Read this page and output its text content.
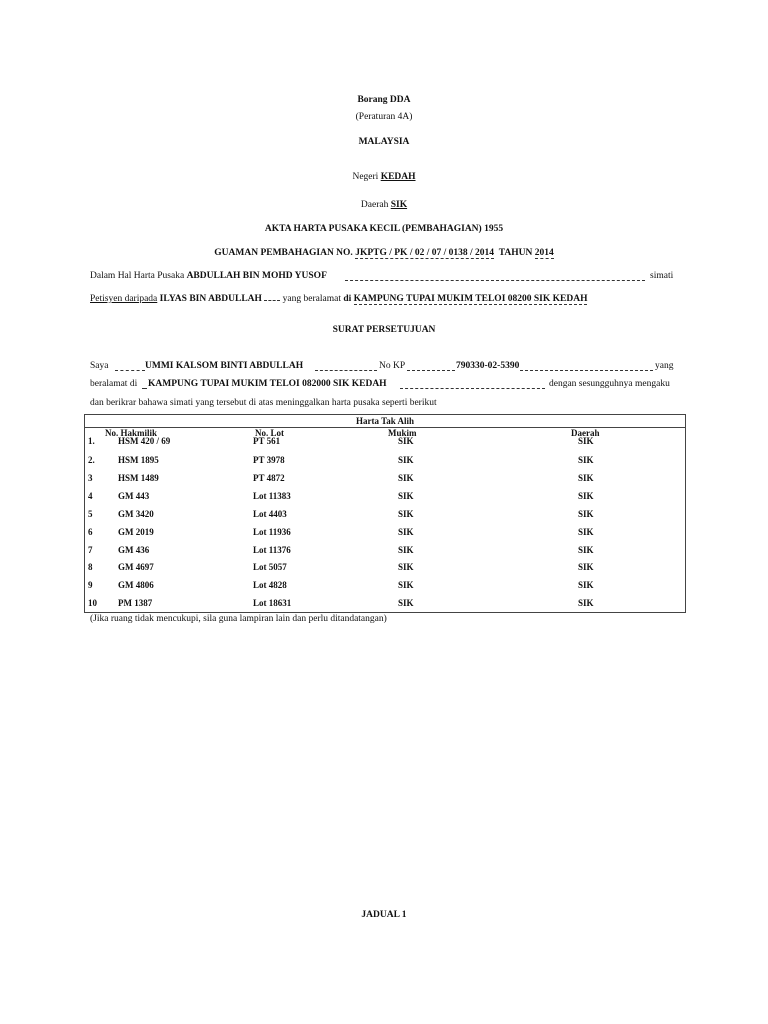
Borang DDA
(Peraturan 4A)
MALAYSIA
Negeri KEDAH
Daerah SIK
AKTA HARTA PUSAKA KECIL (PEMBAHAGIAN) 1955
GUAMAN PEMBAHAGIAN NO. JKPTG / PK / 02 / 07 / 0138 / 2014 TAHUN 2014
Dalam Hal Harta Pusaka ABDULLAH BIN MOHD YUSOF	simati
Petisyen daripada ILYAS BIN ABDULLAH yang beralamat di KAMPUNG TUPAI MUKIM TELOI 08200 SIK KEDAH
SURAT PERSETUJUAN
Saya	UMMI KALSOM BINTI ABDULLAH	No KP	790330-02-5390	yang
beralamat di KAMPUNG TUPAI MUKIM TELOI 082000 SIK KEDAH	dengan sesungguhnya mengaku
dan berikrar bahawa simati yang tersebut di atas meninggalkan harta pusaka seperti berikut
Harta Tak Alih
No. Hakmilik	No. Lot	Mukim	Daerah
1.	HSM 420 / 69	PT 561	SIK	SIK
2.	HSM 1895	PT 3978	SIK	SIK
3	HSM 1489	PT 4872	SIK	SIK
4	GM 443	Lot 11383	SIK	SIK
5	GM 3420	Lot 4403	SIK	SIK
6	GM 2019	Lot 11936	SIK	SIK
7	GM 436	Lot 11376	SIK	SIK
8	GM 4697	Lot 5057	SIK	SIK
9	GM 4806	Lot 4828	SIK	SIK
10 PM 1387	Lot 18631	SIK	SIK
(Jika ruang tidak mencukupi, sila guna lampiran lain dan perlu ditandatangan)
JADUAL 1
